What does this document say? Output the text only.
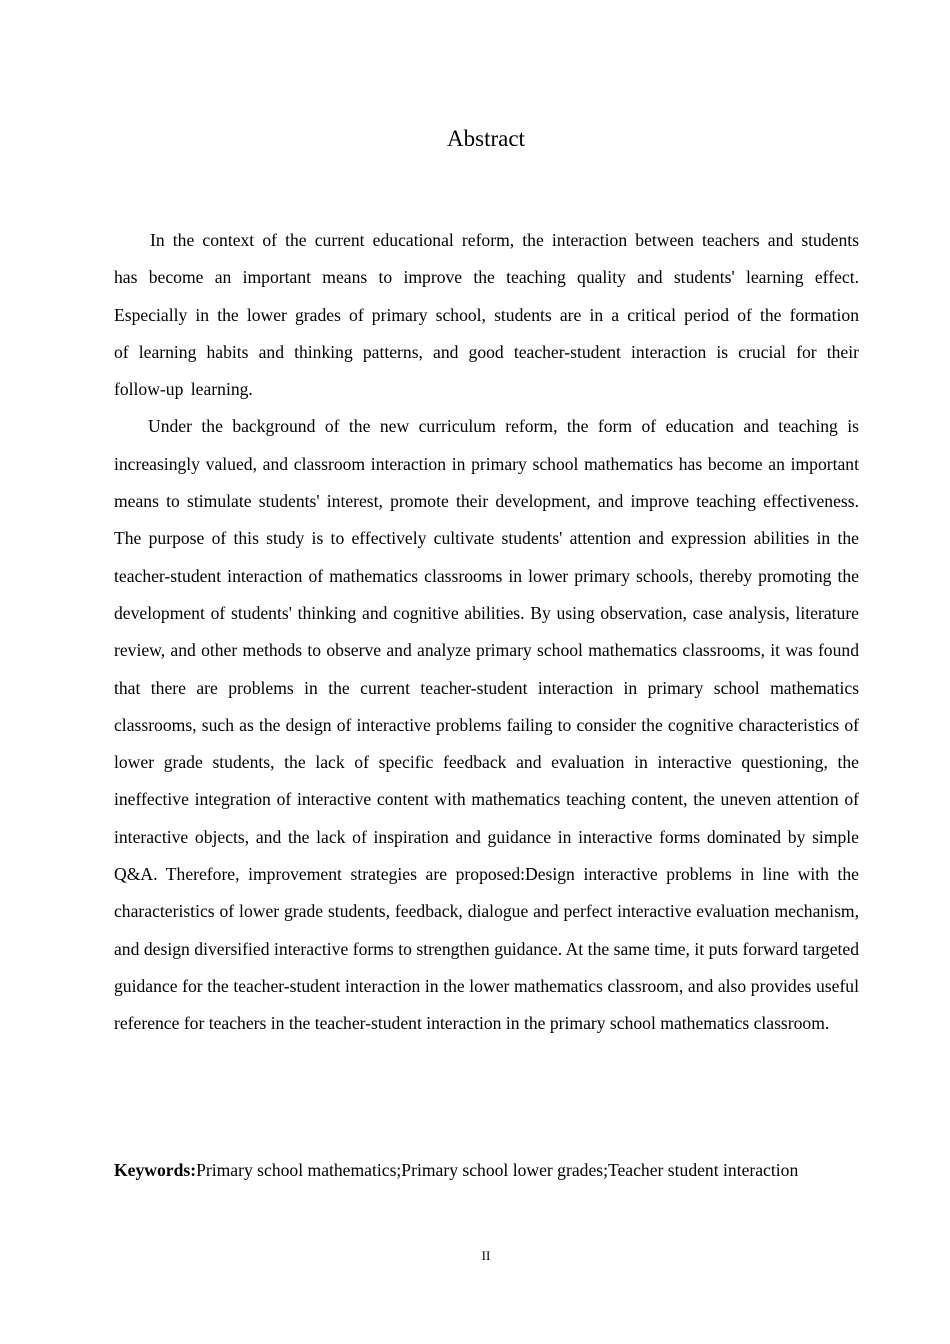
Abstract

In the context of the current educational reform, the interaction between teachers and students has become an important means to improve the teaching quality and students' learning effect. Especially in the lower grades of primary school, students are in a critical period of the formation of learning habits and thinking patterns, and good teacher-student interaction is crucial for their follow-up learning.

Under the background of the new curriculum reform, the form of education and teaching is increasingly valued, and classroom interaction in primary school mathematics has become an important means to stimulate students' interest, promote their development, and improve teaching effectiveness. The purpose of this study is to effectively cultivate students' attention and expression abilities in the teacher-student interaction of mathematics classrooms in lower primary schools, thereby promoting the development of students' thinking and cognitive abilities. By using observation, case analysis, literature review, and other methods to observe and analyze primary school mathematics classrooms, it was found that there are problems in the current teacher-student interaction in primary school mathematics classrooms, such as the design of interactive problems failing to consider the cognitive characteristics of lower grade students, the lack of specific feedback and evaluation in interactive questioning, the ineffective integration of interactive content with mathematics teaching content, the uneven attention of interactive objects, and the lack of inspiration and guidance in interactive forms dominated by simple Q&A. Therefore, improvement strategies are proposed:Design interactive problems in line with the characteristics of lower grade students, feedback, dialogue and perfect interactive evaluation mechanism, and design diversified interactive forms to strengthen guidance. At the same time, it puts forward targeted guidance for the teacher-student interaction in the lower mathematics classroom, and also provides useful reference for teachers in the teacher-student interaction in the primary school mathematics classroom.

Keywords:Primary school mathematics;Primary school lower grades;Teacher student interaction

II
